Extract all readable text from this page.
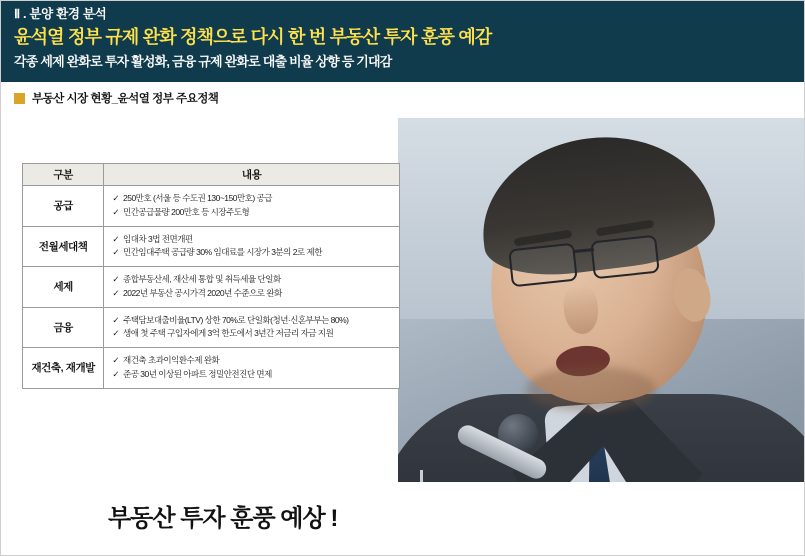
Ⅱ . 분양 환경 분석
윤석열 정부 규제 완화 정책으로 다시 한 번 부동산 투자 훈풍 예감
각종 세제 완화로 투자 활성화, 금융 규제 완화로 대출 비율 상향 등 기대감
부동산 시장 현황_윤석열 정부 주요정책
구분	내용
공급	
✓ 250만호 (서울 등 수도권 130~150만호) 공급
✓ 민간공급물량 200만호 등 시장주도형

전월세대책	
✓ 임대차 3법 전면개편
✓ 민간임대주택 공급량 30% 임대료를 시장가 3분의 2로 제한

세제	
✓ 종합부동산세, 재산세 통합 및 취득세율 단일화
✓ 2022년 부동산 공시가격 2020년 수준으로 완화

금융	
✓ 주택담보대출비율(LTV) 상한 70%로 단일화(청년·신혼부부는 80%)
✓ 생애 첫 주택 구입자에게 3억 한도에서 3년간 저금리 자금 지원

재건축, 재개발	
✓ 재건축 초과이익환수제 완화
✓ 준공 30년 이상된 아파트 정밀안전진단 면제
부동산 투자 훈풍 예상 !
